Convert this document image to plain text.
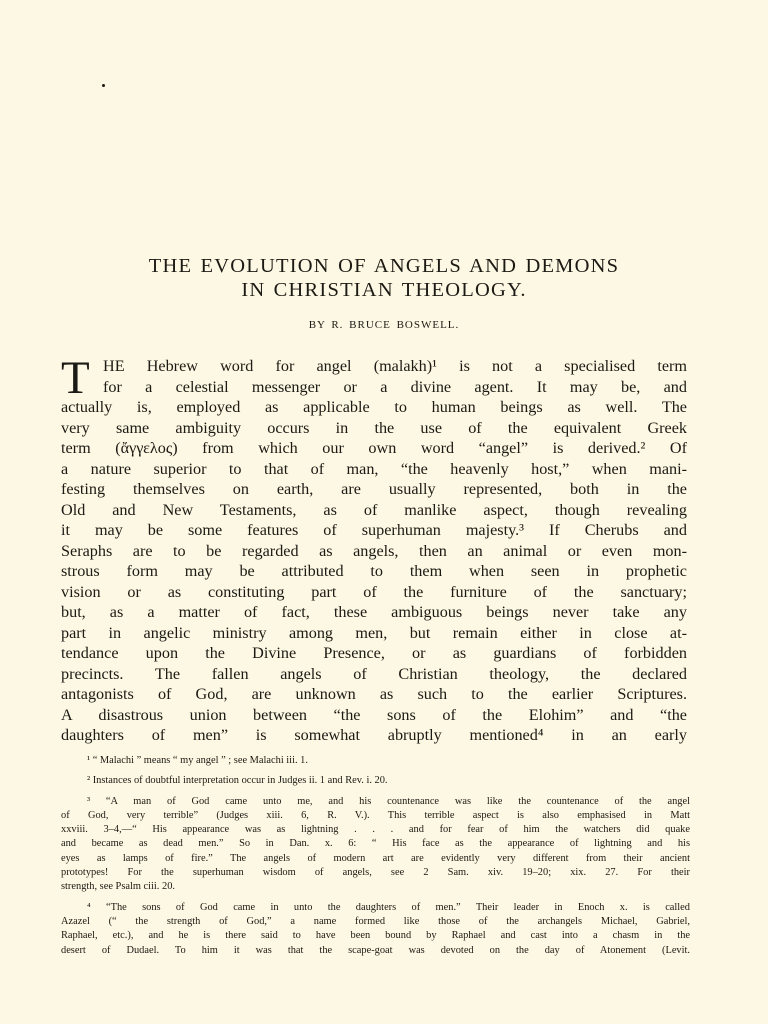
THE EVOLUTION OF ANGELS AND DEMONS
IN CHRISTIAN THEOLOGY.
BY R. BRUCE BOSWELL.
T HE Hebrew word for angel (malakh)¹ is not a specialised term
for a celestial messenger or a divine agent. It may be, and
actually is, employed as applicable to human beings as well. The
very same ambiguity occurs in the use of the equivalent Greek
term (ἄγγελος) from which our own word “angel” is derived.² Of
a nature superior to that of man, “the heavenly host,” when mani-
festing themselves on earth, are usually represented, both in the
Old and New Testaments, as of manlike aspect, though revealing
it may be some features of superhuman majesty.³ If Cherubs and
Seraphs are to be regarded as angels, then an animal or even mon-
strous form may be attributed to them when seen in prophetic
vision or as constituting part of the furniture of the sanctuary;
but, as a matter of fact, these ambiguous beings never take any
part in angelic ministry among men, but remain either in close at-
tendance upon the Divine Presence, or as guardians of forbidden
precincts. The fallen angels of Christian theology, the declared
antagonists of God, are unknown as such to the earlier Scriptures.
A disastrous union between “the sons of the Elohim” and “the
daughters of men” is somewhat abruptly mentioned⁴ in an early
¹ “ Malachi ” means “ my angel ” ; see Malachi iii. 1.
² Instances of doubtful interpretation occur in Judges ii. 1 and Rev. i. 20.
³ “A man of God came unto me, and his countenance was like the countenance of the angel
of God, very terrible” (Judges xiii. 6, R. V.). This terrible aspect is also emphasised in Matt
xxviii. 3–4,—“ His appearance was as lightning . . . and for fear of him the watchers did quake
and became as dead men.” So in Dan. x. 6: “ His face as the appearance of lightning and his
eyes as lamps of fire.” The angels of modern art are evidently very different from their ancient
prototypes! For the superhuman wisdom of angels, see 2 Sam. xiv. 19–20; xix. 27. For their
strength, see Psalm ciii. 20.
⁴ “The sons of God came in unto the daughters of men.” Their leader in Enoch x. is called
Azazel (“ the strength of God,” a name formed like those of the archangels Michael, Gabriel,
Raphael, etc.), and he is there said to have been bound by Raphael and cast into a chasm in the
desert of Dudael. To him it was that the scape-goat was devoted on the day of Atonement (Levit.
